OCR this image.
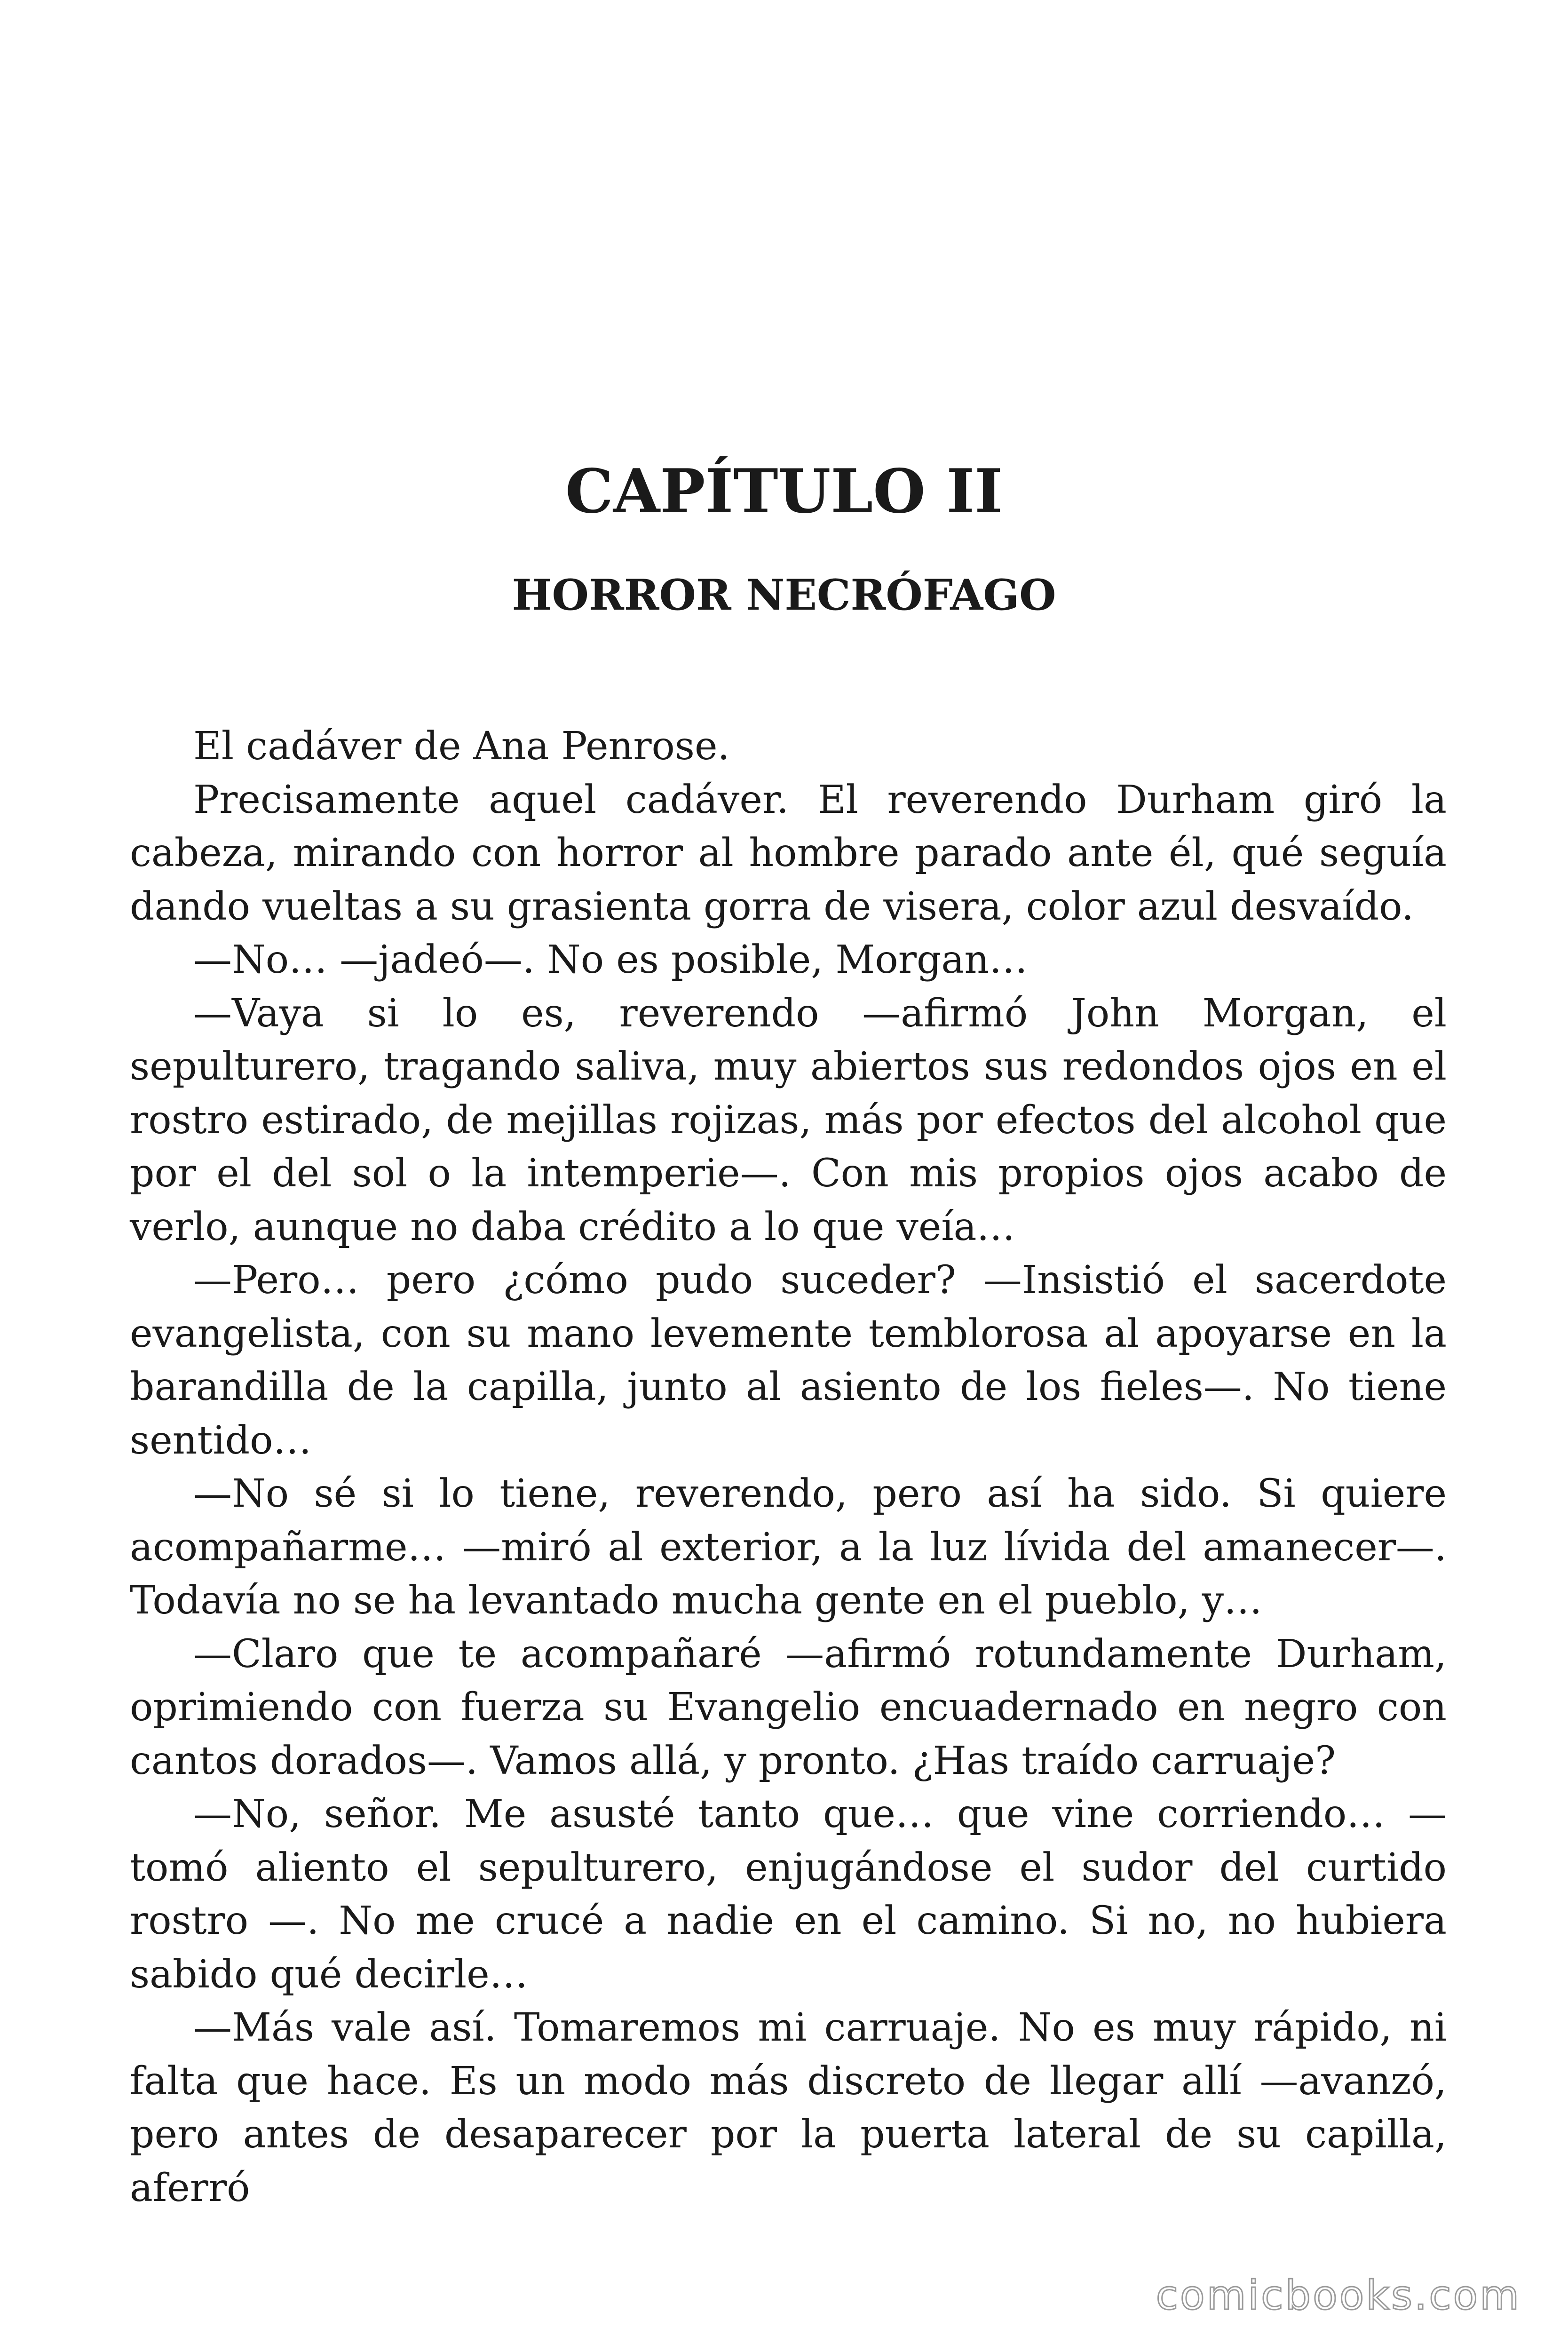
CAPÍTULO II
HORROR NECRÓFAGO

El cadáver de Ana Penrose.

Precisamente aquel cadáver. El reverendo Durham giró la cabeza, mirando con horror al hombre parado ante él, qué seguía dando vueltas a su grasienta gorra de visera, color azul desvaído.

—No… —jadeó—. No es posible, Morgan…

—Vaya si lo es, reverendo —afirmó John Morgan, el sepulturero, tragando saliva, muy abiertos sus redondos ojos en el rostro estirado, de mejillas rojizas, más por efectos del alcohol que por el del sol o la intemperie—. Con mis propios ojos acabo de verlo, aunque no daba crédito a lo que veía…

—Pero… pero ¿cómo pudo suceder? —Insistió el sacerdote evangelista, con su mano levemente temblorosa al apoyarse en la barandilla de la capilla, junto al asiento de los fieles—. No tiene sentido…

—No sé si lo tiene, reverendo, pero así ha sido. Si quiere acompañarme… —miró al exterior, a la luz lívida del amanecer—. Todavía no se ha levantado mucha gente en el pueblo, y…

—Claro que te acompañaré —afirmó rotundamente Durham, oprimiendo con fuerza su Evangelio encuadernado en negro con cantos dorados—. Vamos allá, y pronto. ¿Has traído carruaje?

—No, señor. Me asusté tanto que… que vine corriendo… —tomó aliento el sepulturero, enjugándose el sudor del curtido rostro —. No me crucé a nadie en el camino. Si no, no hubiera sabido qué decirle…

—Más vale así. Tomaremos mi carruaje. No es muy rápido, ni falta que hace. Es un modo más discreto de llegar allí —avanzó, pero antes de desaparecer por la puerta lateral de su capilla, aferró

comicbooks.com
